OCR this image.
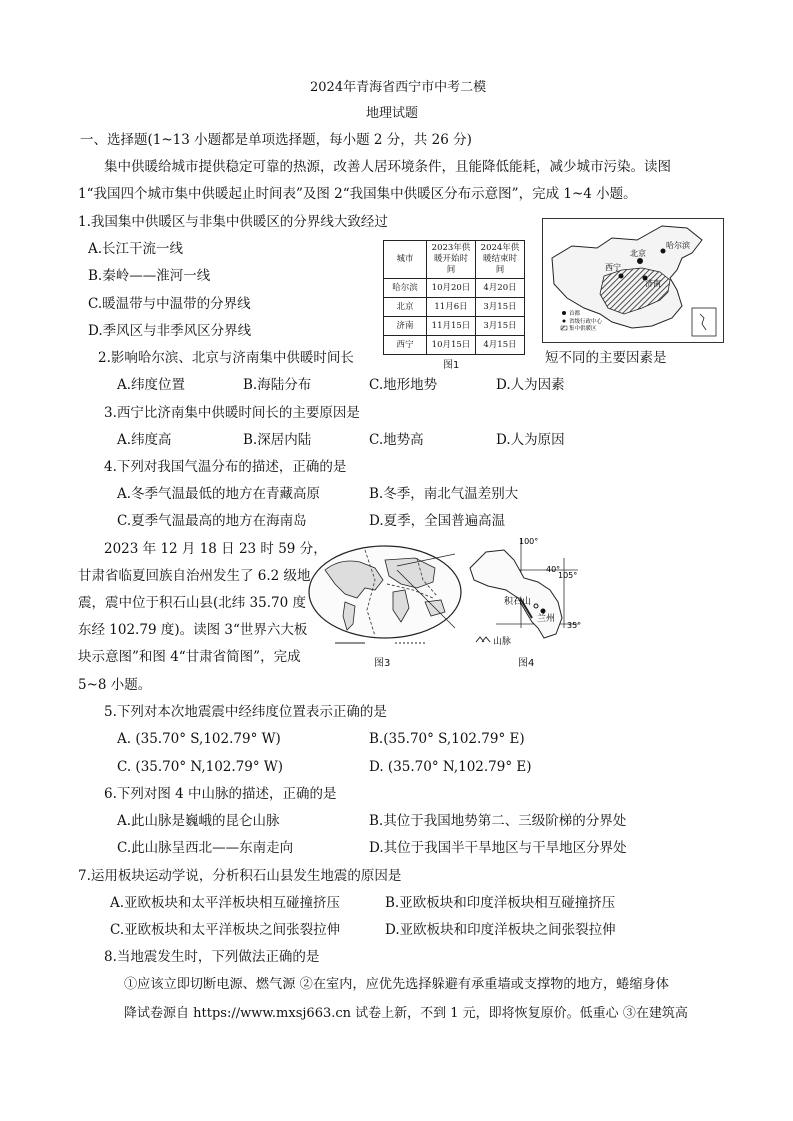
2024年青海省西宁市中考二模
地理试题
一、选择题(1~13 小题都是单项选择题，每小题 2 分，共 26 分)
集中供暖给城市提供稳定可靠的热源，改善人居环境条件，且能降低能耗，减少城市污染。读图
1“我国四个城市集中供暖起止时间表”及图 2“我国集中供暖区分布示意图”，完成 1~4 小题。
1.我国集中供暖区与非集中供暖区的分界线大致经过
A.长江干流一线
B.秦岭——淮河一线
C.暖温带与中温带的分界线
D.季风区与非季风区分界线
城市	2023年供暖开始时间	2024年供暖结束时间
哈尔滨	10月20日	4月20日
北京	11月6日	3月15日
济南	11月15日	3月15日
西宁	10月15日	4月15日
哈尔滨
北京
西宁
济南
首都
省级行政中心
集中供暖区
2.影响哈尔滨、北京与济南集中供暖时间长	图1	短不同的主要因素是
A.纬度位置	B.海陆分布	C.地形地势	D.人为因素
3.西宁比济南集中供暖时间长的主要原因是
A.纬度高	B.深居内陆	C.地势高	D.人为原因
4.下列对我国气温分布的描述，正确的是
A.冬季气温最低的地方在青藏高原	B.冬季，南北气温差别大
C.夏季气温最高的地方在海南岛	D.夏季，全国普遍高温
2023 年 12 月 18 日 23 时 59 分，
甘肃省临夏回族自治州发生了 6.2 级地
震，震中位于积石山县(北纬 35.70 度
东经 102.79 度)。读图 3“世界六大板
块示意图”和图 4“甘肃省简图”，完成
5~8 小题。
图3
100°
105°
40°
35°
积石山
兰州
山脉
图4
5.下列对本次地震震中经纬度位置表示正确的是
A. (35.70° S,102.79° W)	B.(35.70° S,102.79° E)
C. (35.70° N,102.79° W)	D. (35.70° N,102.79° E)
6.下列对图 4 中山脉的描述，正确的是
A.此山脉是巍峨的昆仑山脉	B.其位于我国地势第二、三级阶梯的分界处
C.此山脉呈西北——东南走向	D.其位于我国半干旱地区与干旱地区分界处
7.运用板块运动学说，分析积石山县发生地震的原因是
A.亚欧板块和太平洋板块相互碰撞挤压	B.亚欧板块和印度洋板块相互碰撞挤压
C.亚欧板块和太平洋板块之间张裂拉伸	D.亚欧板块和印度洋板块之间张裂拉伸
8.当地震发生时，下列做法正确的是
①应该立即切断电源、燃气源 ②在室内，应优先选择躲避有承重墙或支撑物的地方，蜷缩身体
降试卷源自 https://www.mxsj663.cn 试卷上新，不到 1 元，即将恢复原价。低重心 ③在建筑高
